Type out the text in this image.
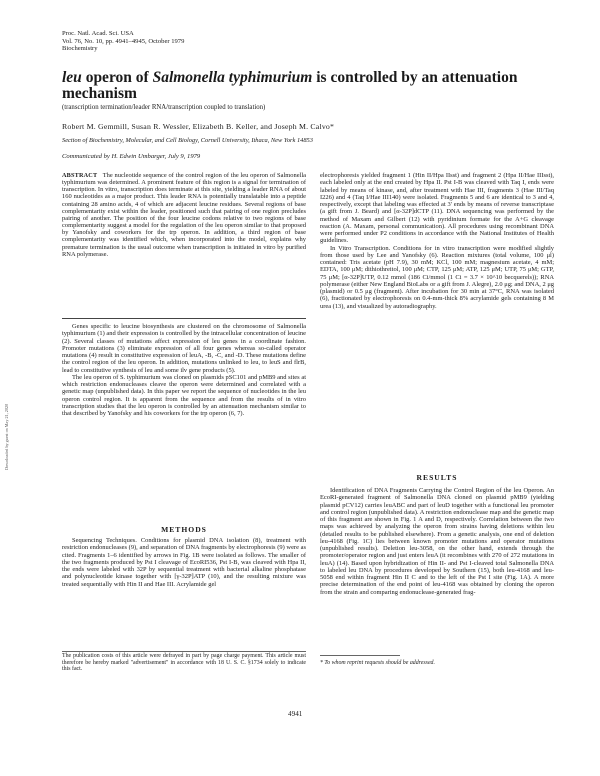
Proc. Natl. Acad. Sci. USA
Vol. 76, No. 10, pp. 4941–4945, October 1979
Biochemistry
leu operon of Salmonella typhimurium is controlled by an attenuation mechanism
(transcription termination/leader RNA/transcription coupled to translation)
Robert M. Gemmill, Susan R. Wessler, Elizabeth B. Keller, and Joseph M. Calvo*
Section of Biochemistry, Molecular, and Cell Biology, Cornell University, Ithaca, New York 14853
Communicated by H. Edwin Umbarger, July 9, 1979
ABSTRACT The nucleotide sequence of the control region of the leu operon of Salmonella typhimurium was determined. A prominent feature of this region is a signal for termination of transcription. In vitro, transcription does terminate at this site, yielding a leader RNA of about 160 nucleotides as a major product. This leader RNA is potentially translatable into a peptide containing 28 amino acids, 4 of which are adjacent leucine residues. Several regions of base complementarity exist within the leader, positioned such that pairing of one region precludes pairing of another. The position of the four leucine codons relative to two regions of base complementarity suggest a model for the regulation of the leu operon similar to that proposed by Yanofsky and coworkers for the trp operon. In addition, a third region of base complementarity was identified which, when incorporated into the model, explains why premature termination is the usual outcome when transcription is initiated in vitro by purified RNA polymerase.

Genes specific to leucine biosynthesis are clustered on the chromosome of Salmonella typhimurium (1) and their expression is controlled by the intracellular concentration of leucine (2). Several classes of mutations affect expression of leu genes in a coordinate fashion. Promoter mutations (3) eliminate expression of all four genes whereas so-called operator mutations (4) result in constitutive expression of leuA, -B, -C, and -D. These mutations define the control region of the leu operon. In addition, mutations unlinked to leu, to leuS and flrB, lead to constitutive synthesis of leu and some ilv gene products (5).

The leu operon of S. typhimurium was cloned on plasmids pSC101 and pMB9 and sites at which restriction endonucleases cleave the operon were determined and correlated with a genetic map (unpublished data). In this paper we report the sequence of nucleotides in the leu operon control region. It is apparent from the sequence and from the results of in vitro transcription studies that the leu operon is controlled by an attenuation mechanism similar to that described by Yanofsky and his coworkers for the trp operon (6, 7).

METHODS

Sequencing Techniques. Conditions for plasmid DNA isolation (8), treatment with restriction endonucleases (9), and separation of DNA fragments by electrophoresis (9) were as cited. Fragments 1–6 identified by arrows in Fig. 1B were isolated as follows. The smaller of the two fragments produced by Pst I cleavage of EcoRI536, Pst I-B, was cleaved with Hpa II, the ends were labeled with 32P by sequential treatment with bacterial alkaline phosphatase and polynucleotide kinase together with [γ-32P]ATP (10), and the resulting mixture was treated sequentially with Hin II and Hae III. Acrylamide gel

The publication costs of this article were defrayed in part by page charge payment. This article must therefore be hereby marked "advertisement" in accordance with 18 U. S. C. §1734 solely to indicate this fact.

electrophoresis yielded fragment 1 (Hin II/Hpa IIsst) and fragment 2 (Hpa II/Hae IIIsst), each labeled only at the end created by Hpa II. Pst I-B was cleaved with Taq I, ends were labeled by means of kinase, and, after treatment with Hae III, fragments 3 (Hae III/Taq I226) and 4 (Taq I/Hae III140) were isolated. Fragments 5 and 6 are identical to 3 and 4, respectively, except that labeling was effected at 3' ends by means of reverse transcriptase (a gift from J. Beard) and [α-32P]dCTP (11). DNA sequencing was performed by the method of Maxam and Gilbert (12) with pyridinium formate for the A+G cleavage reaction (A. Maxam, personal communication). All procedures using recombinant DNA were performed under P2 conditions in accordance with the National Institutes of Health guidelines.

In Vitro Transcription. Conditions for in vitro transcription were modified slightly from those used by Lee and Yanofsky (6). Reaction mixtures (total volume, 100 μl) contained: Tris acetate (pH 7.9), 30 mM; KCl, 100 mM; magnesium acetate, 4 mM; EDTA, 100 μM; dithiothreitol, 100 μM; CTP, 125 μM; ATP, 125 μM; UTP, 75 μM; GTP, 75 μM; [α-32P]UTP, 0.12 mmol (186 Ci/mmol (1 Ci = 3.7 × 10^10 becquerels)); RNA polymerase (either New England BioLabs or a gift from J. Alegre), 2.0 μg; and DNA, 2 μg (plasmid) or 0.5 μg (fragment). After incubation for 30 min at 37°C, RNA was isolated (6), fractionated by electrophoresis on 0.4-mm-thick 8% acrylamide gels containing 8 M urea (13), and visualized by autoradiography.

RESULTS

Identification of DNA Fragments Carrying the Control Region of the leu Operon. An EcoRI-generated fragment of Salmonella DNA cloned on plasmid pMB9 (yielding plasmid pCV12) carries leuABC and part of leuD together with a functional leu promoter and control region (unpublished data). A restriction endonuclease map and the genetic map of this fragment are shown in Fig. 1 A and D, respectively. Correlation between the two maps was achieved by analyzing the operon from strains having deletions within leu (detailed results to be published elsewhere). From a genetic analysis, one end of deletion leu-4168 (Fig. 1C) lies between known promoter mutations and operator mutations (unpublished results). Deletion leu-3058, on the other hand, extends through the promoter/operator region and just enters leuA (it recombines with 270 of 272 mutations in leuA) (14). Based upon hybridization of Hin II- and Pst I-cleaved total Salmonella DNA to labeled leu DNA by procedures developed by Southern (15), both leu-4168 and leu-5058 end within fragment Hin II C and to the left of the Pst I site (Fig. 1A). A more precise determination of the end point of leu-4168 was obtained by cloning the operon from the strain and comparing endonuclease-generated frag-

* To whom reprint requests should be addressed.
4941
Downloaded by guest on May 21, 2020
